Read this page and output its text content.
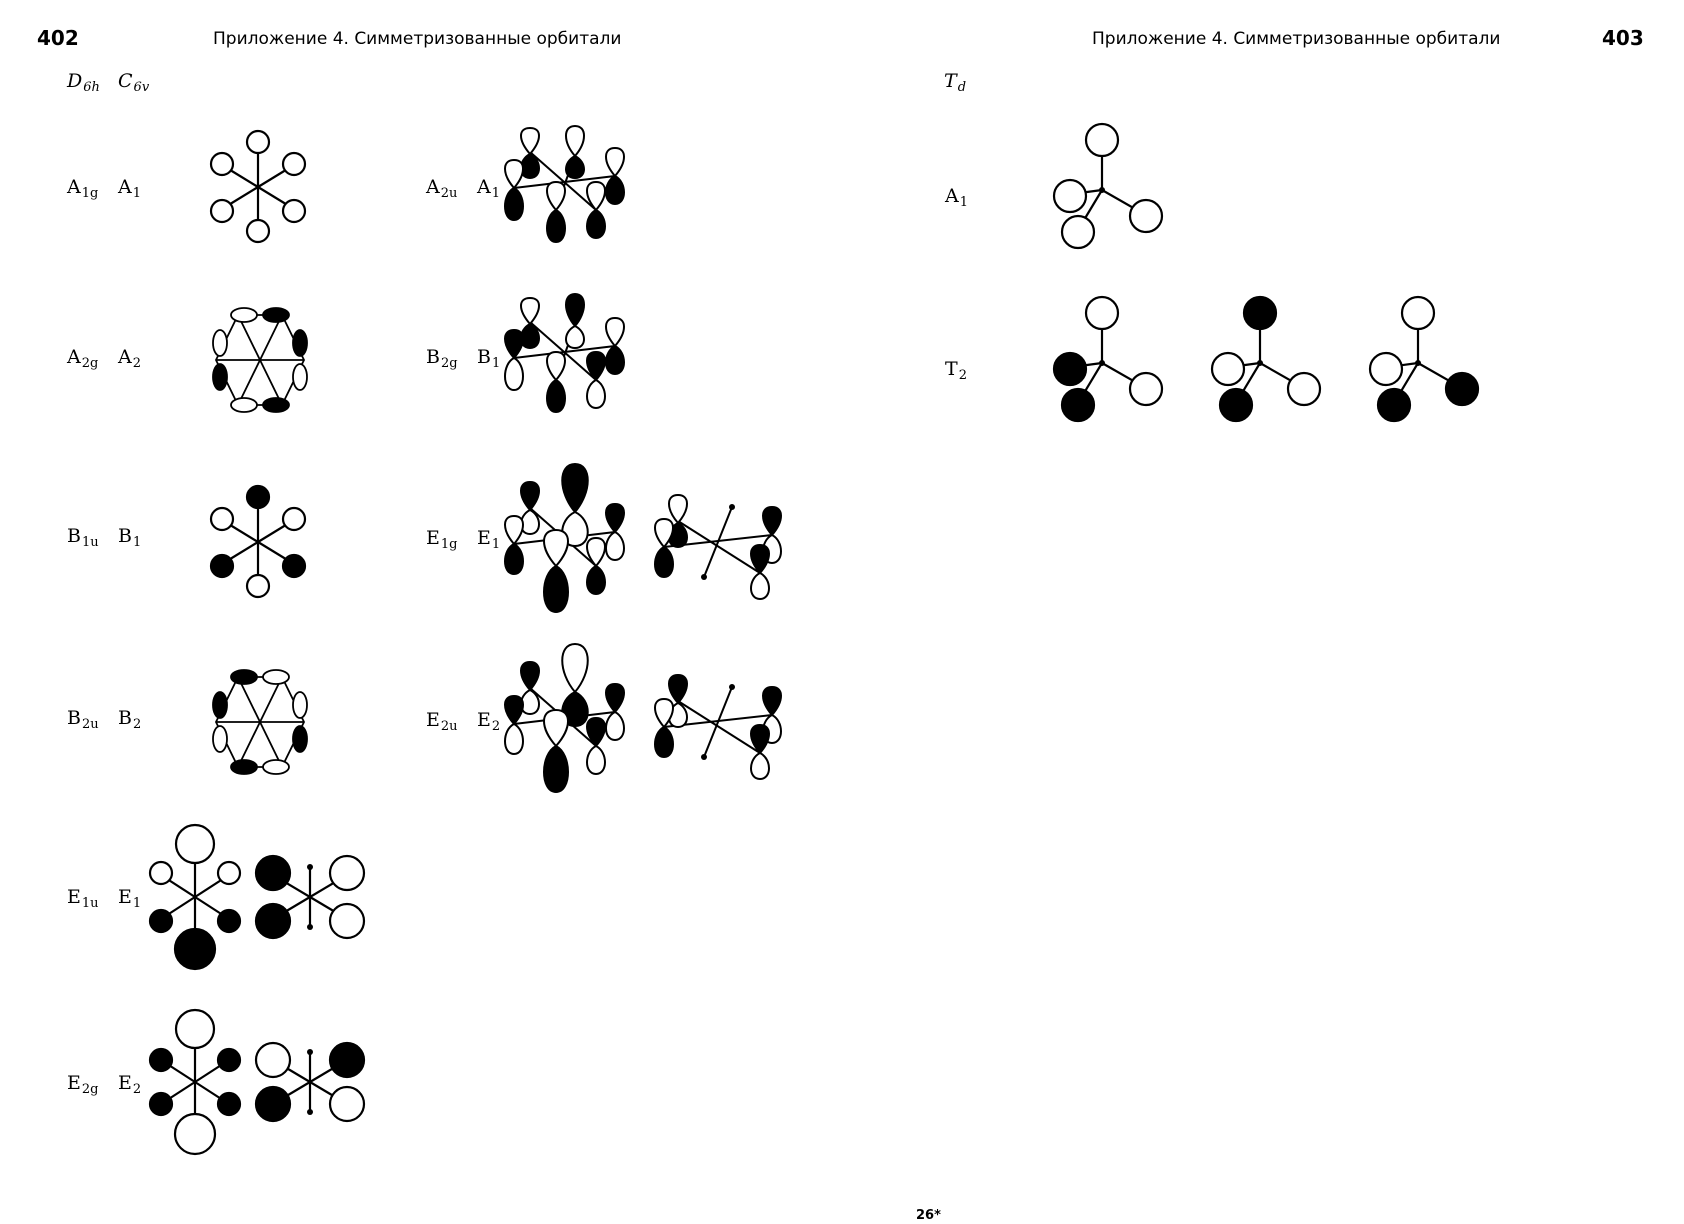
402	Приложение 4. Симметризованные орбитали	Приложение 4. Симметризованные орбитали	403
$D_{6h}$ $C_{6v}$
$A_{1g}$ $A_1$
$A_{2g}$ $A_2$
$B_{1u}$ $B_1$
$B_{2u}$ $B_2$
$E_{1u}$ $E_1$
$E_{2g}$ $E_2$
$A_{2u}$ $A_1$
$B_{2g}$ $B_1$
$E_{1g}$ $E_1$
$E_{2u}$ $E_2$
$T_d$
$A_1$
$T_2$
26*
